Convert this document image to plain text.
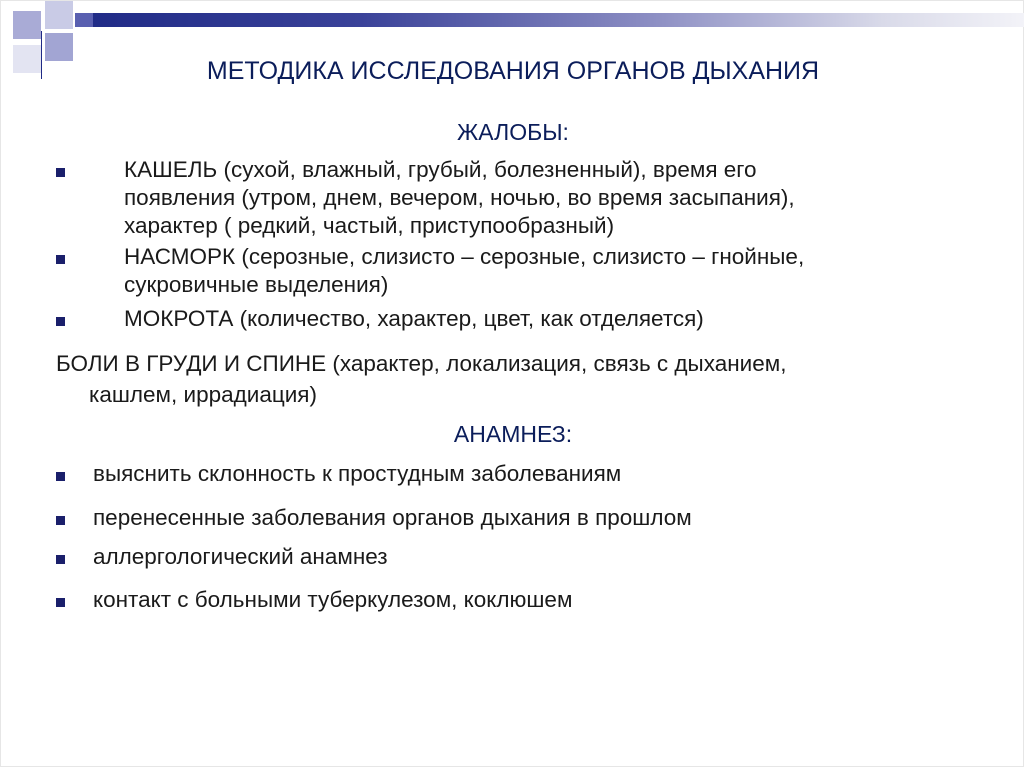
МЕТОДИКА ИССЛЕДОВАНИЯ ОРГАНОВ ДЫХАНИЯ
ЖАЛОБЫ:
КАШЕЛЬ (сухой, влажный, грубый, болезненный), время его
появления (утром, днем, вечером, ночью, во время засыпания),
характер ( редкий, частый, приступообразный)
НАСМОРК (серозные, слизисто – серозные, слизисто – гнойные,
сукровичные выделения)
МОКРОТА (количество, характер, цвет, как отделяется)
БОЛИ В ГРУДИ И СПИНЕ (характер, локализация, связь с дыханием,
кашлем, иррадиация)
АНАМНЕЗ:
выяснить склонность к простудным заболеваниям
перенесенные заболевания органов дыхания в прошлом
аллергологический анамнез
контакт с больными туберкулезом, коклюшем
